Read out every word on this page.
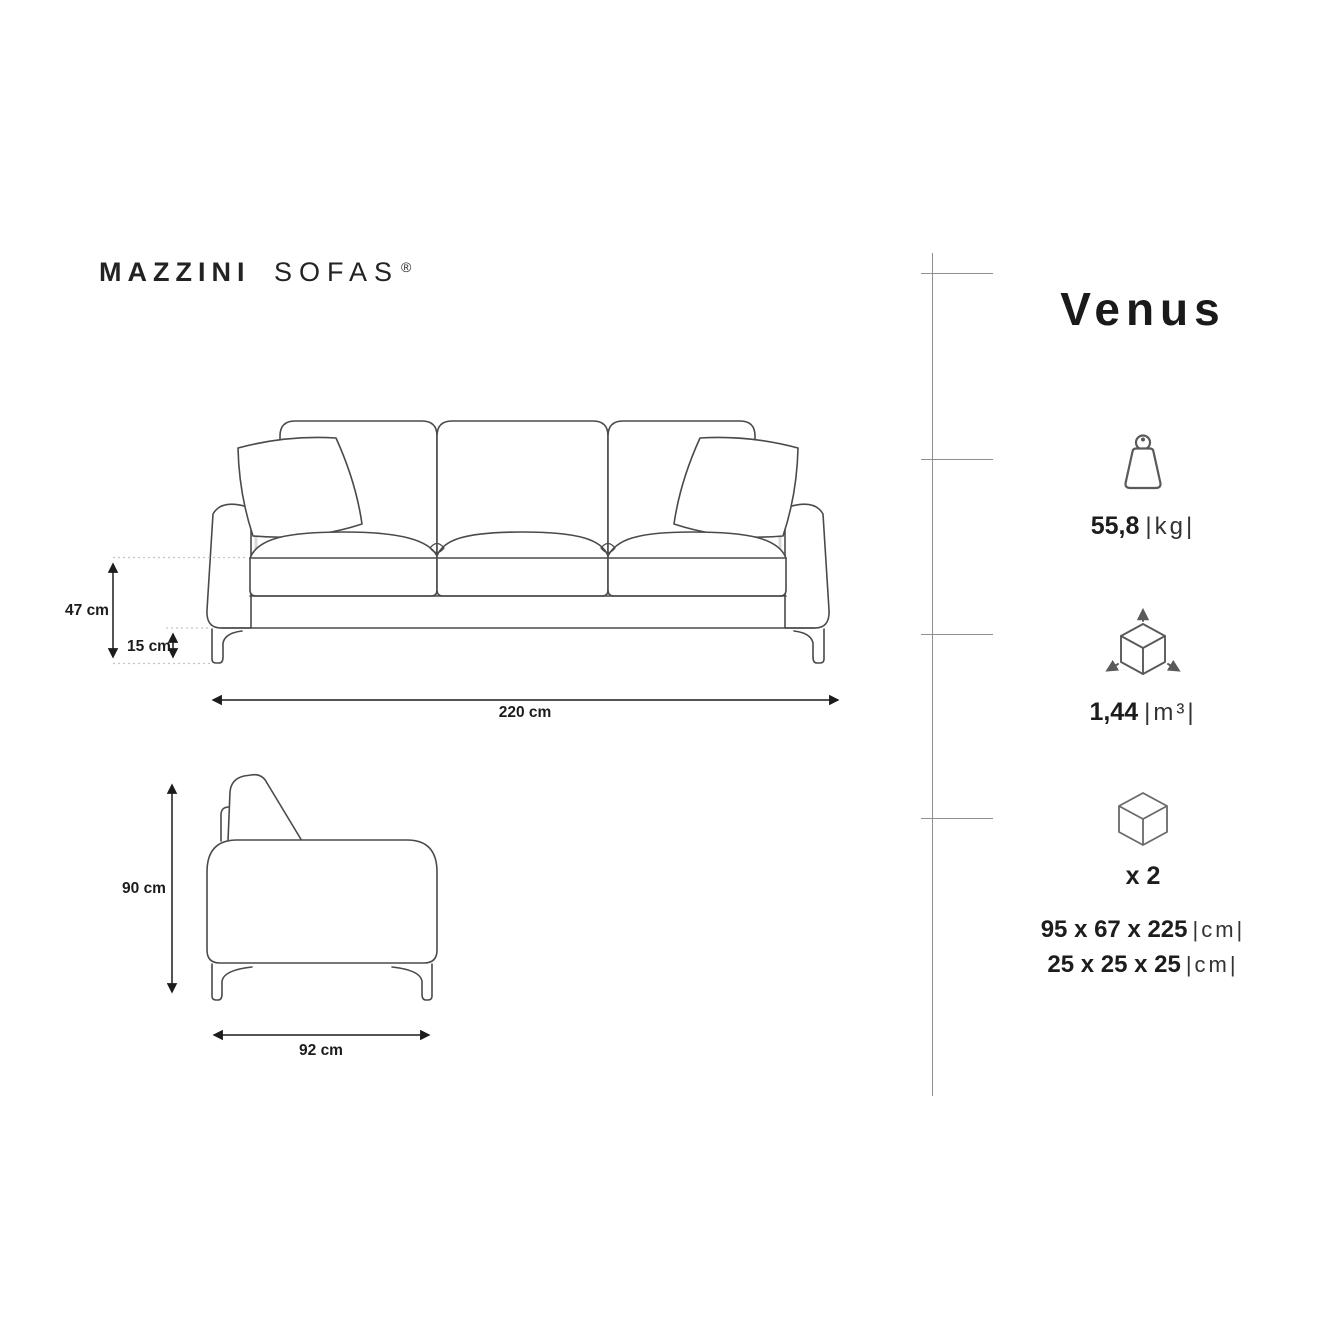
MAZZINI SOFAS ®
47 cm
15 cm
220 cm
90 cm
92 cm
Venus
55,8 |kg|
1,44 |m³|
x 2
95 x 67 x 225 |cm|
25 x 25 x 25 |cm|
